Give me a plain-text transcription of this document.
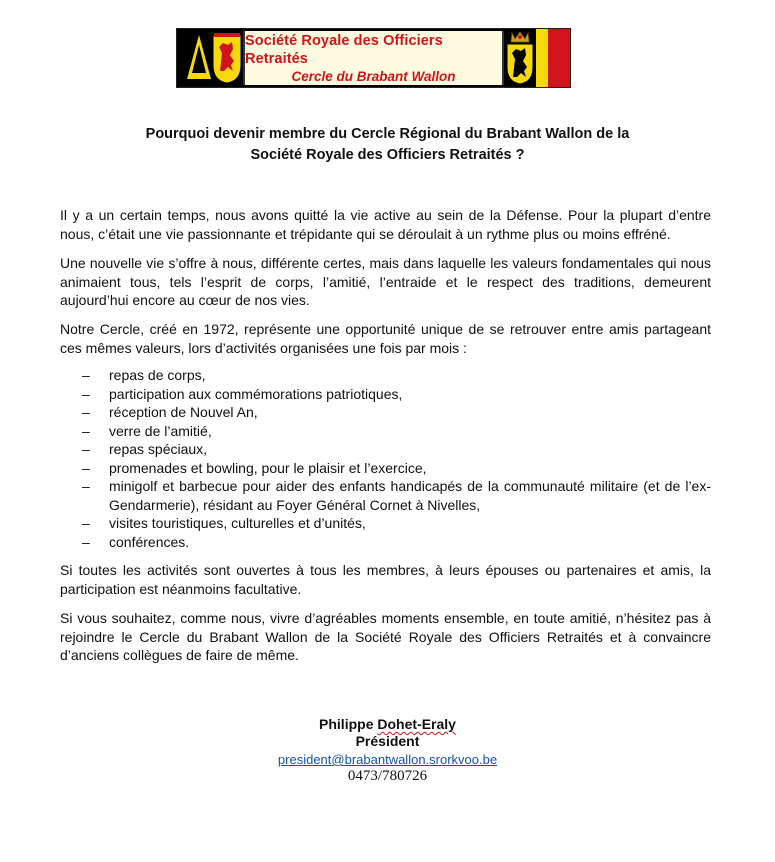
Société Royale des Officiers Retraités
Cercle du Brabant Wallon
Pourquoi devenir membre du Cercle Régional du Brabant Wallon de la
Société Royale des Officiers Retraités ?

Il y a un certain temps, nous avons quitté la vie active au sein de la Défense. Pour la plupart d’entre nous, c’était une vie passionnante et trépidante qui se déroulait à un rythme plus ou moins effréné.

Une nouvelle vie s’offre à nous, différente certes, mais dans laquelle les valeurs fondamentales qui nous animaient tous, tels l’esprit de corps, l’amitié, l’entraide et le respect des traditions, demeurent aujourd’hui encore au cœur de nos vies.

Notre Cercle, créé en 1972, représente une opportunité unique de se retrouver entre amis partageant ces mêmes valeurs, lors d’activités organisées une fois par mois :

– repas de corps,
– participation aux commémorations patriotiques,
– réception de Nouvel An,
– verre de l’amitié,
– repas spéciaux,
– promenades et bowling, pour le plaisir et l’exercice,
– minigolf et barbecue pour aider des enfants handicapés de la communauté militaire (et de l’ex-Gendarmerie), résidant au Foyer Général Cornet à Nivelles,
– visites touristiques, culturelles et d’unités,
– conférences.

Si toutes les activités sont ouvertes à tous les membres, à leurs épouses ou partenaires et amis, la participation est néanmoins facultative.

Si vous souhaitez, comme nous, vivre d’agréables moments ensemble, en toute amitié, n’hésitez pas à rejoindre le Cercle du Brabant Wallon de la Société Royale des Officiers Retraités et à convaincre d’anciens collègues de faire de même.

Philippe Dohet-Eraly
Président
president@brabantwallon.srorkvoo.be
0473/780726
